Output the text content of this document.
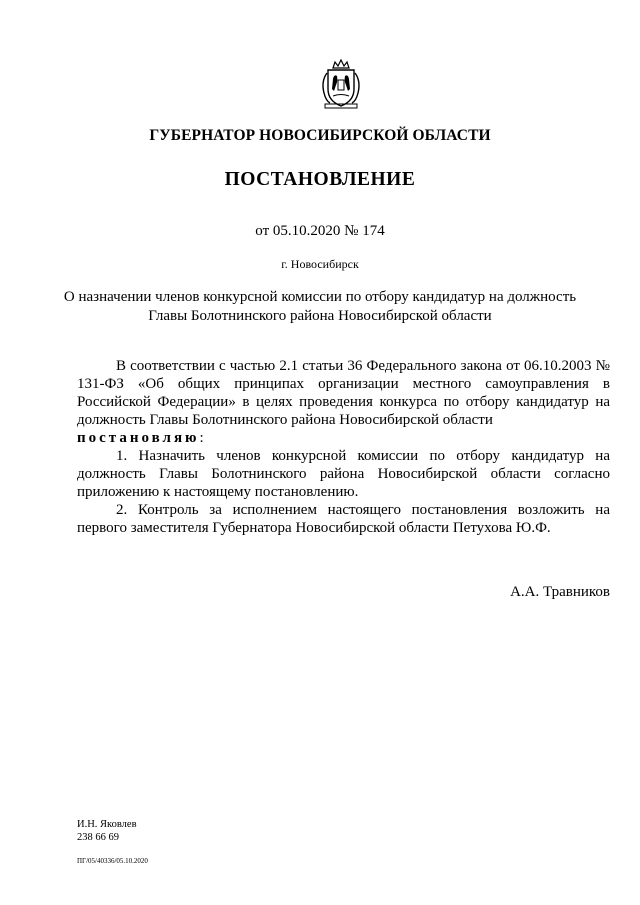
ГУБЕРНАТОР НОВОСИБИРСКОЙ ОБЛАСТИ
ПОСТАНОВЛЕНИЕ
от 05.10.2020 № 174
г. Новосибирск
О назначении членов конкурсной комиссии по отбору кандидатур на должность
Главы Болотнинского района Новосибирской области

В соответствии с частью 2.1 статьи 36 Федерального закона от 06.10.2003 № 131-ФЗ «Об общих принципах организации местного самоуправления в Российской Федерации» в целях проведения конкурса по отбору кандидатур на должность Главы Болотнинского района Новосибирской области

постановляю:

1. Назначить членов конкурсной комиссии по отбору кандидатур на должность Главы Болотнинского района Новосибирской области согласно приложению к настоящему постановлению.

2. Контроль за исполнением настоящего постановления возложить на первого заместителя Губернатора Новосибирской области Петухова Ю.Ф.

А.А. Травников
И.Н. Яковлев
238 66 69
ПГ/05/40336/05.10.2020
